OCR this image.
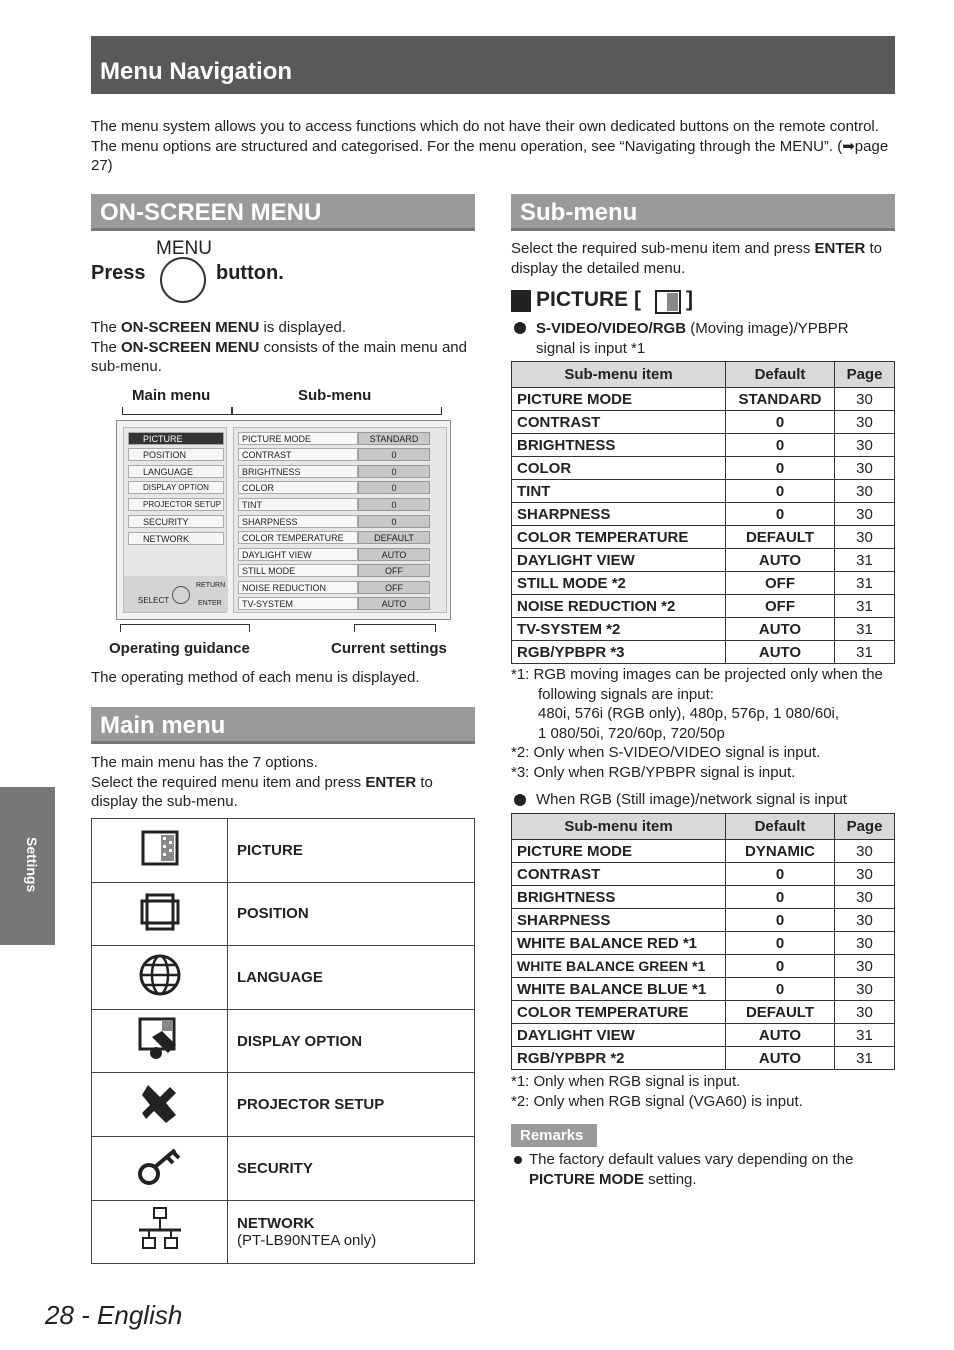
Menu Navigation
The menu system allows you to access functions which do not have their own dedicated buttons on the remote control. The menu options are structured and categorised. For the menu operation, see “Navigating through the MENU”. (➡page 27)
ON-SCREEN MENU
MENU
Press	button.
The ON-SCREEN MENU is displayed.
The ON-SCREEN MENU consists of the main menu and sub-menu.
Main menu	Sub-menu
PICTURE
POSITION
LANGUAGE
DISPLAY OPTION
PROJECTOR SETUP
SECURITY
NETWORK
SELECT
RETURN
ENTER
PICTURE MODE	STANDARD
CONTRAST	0
BRIGHTNESS	0
COLOR	0
TINT	0
SHARPNESS	0
COLOR TEMPERATURE	DEFAULT
DAYLIGHT VIEW	AUTO
STILL MODE	OFF
NOISE REDUCTION	OFF
TV-SYSTEM	AUTO
Operating guidance	Current settings
The operating method of each menu is displayed.
Main menu
The main menu has the 7 options.
Select the required menu item and press ENTER to display the sub-menu.
	PICTURE
	POSITION
	LANGUAGE
	DISPLAY OPTION
	PROJECTOR SETUP
	SECURITY
	NETWORK
(PT-LB90NTEA only)
Sub-menu
Select the required sub-menu item and press ENTER to display the detailed menu.
PICTURE [ ]
S-VIDEO/VIDEO/RGB (Moving image)/YPBPR signal is input *1
Sub-menu item	Default	Page
PICTURE MODE	STANDARD	30
CONTRAST	0	30
BRIGHTNESS	0	30
COLOR	0	30
TINT	0	30
SHARPNESS	0	30
COLOR TEMPERATURE	DEFAULT	30
DAYLIGHT VIEW	AUTO	31
STILL MODE *2	OFF	31
NOISE REDUCTION *2	OFF	31
TV-SYSTEM *2	AUTO	31
RGB/YPBPR *3	AUTO	31
*1: RGB moving images can be projected only when the following signals are input:
480i, 576i (RGB only), 480p, 576p, 1 080/60i,
1 080/50i, 720/60p, 720/50p
*2: Only when S-VIDEO/VIDEO signal is input.
*3: Only when RGB/YPBPR signal is input.
When RGB (Still image)/network signal is input
Sub-menu item	Default	Page
PICTURE MODE	DYNAMIC	30
CONTRAST	0	30
BRIGHTNESS	0	30
SHARPNESS	0	30
WHITE BALANCE RED *1	0	30
WHITE BALANCE GREEN *1	0	30
WHITE BALANCE BLUE *1	0	30
COLOR TEMPERATURE	DEFAULT	30
DAYLIGHT VIEW	AUTO	31
RGB/YPBPR *2	AUTO	31
*1: Only when RGB signal is input.
*2: Only when RGB signal (VGA60) is input.
Remarks
The factory default values vary depending on the PICTURE MODE setting.
Settings
28 - English
